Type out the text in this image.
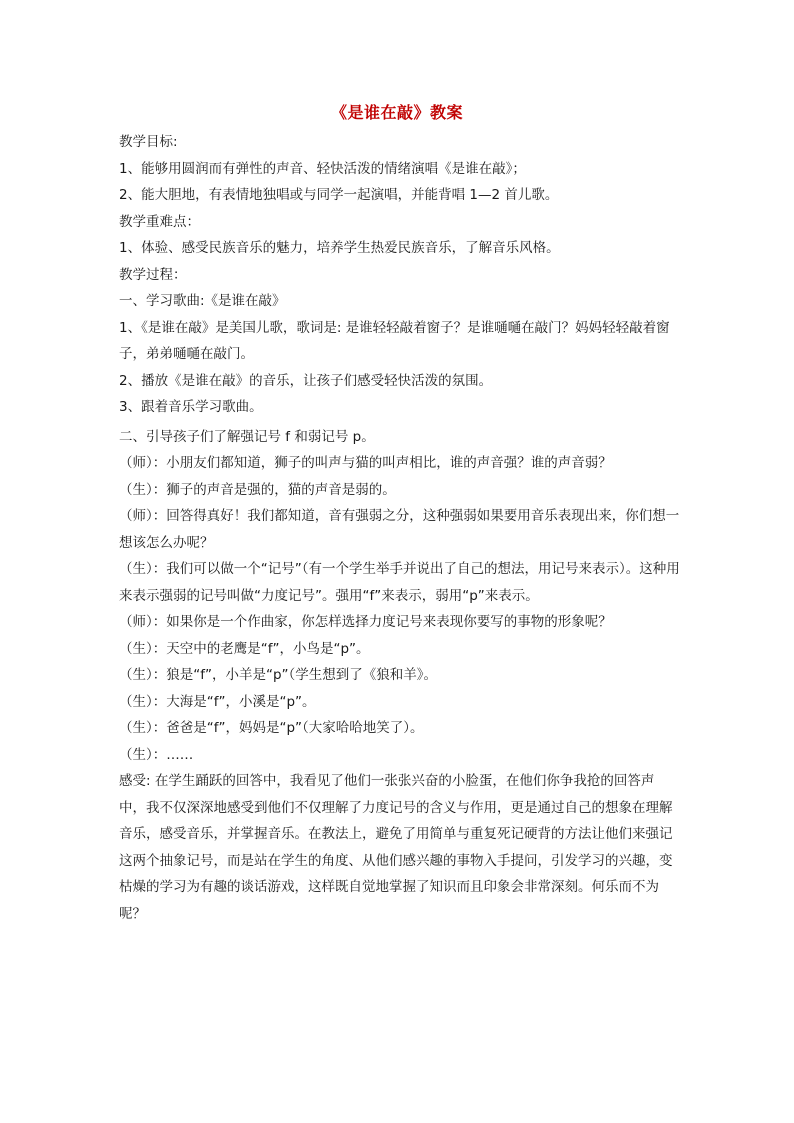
《是谁在敲》教案

教学目标:

1、能够用圆润而有弹性的声音、轻快活泼的情绪演唱《是谁在敲》；

2、能大胆地，有表情地独唱或与同学一起演唱，并能背唱 1—2 首儿歌。

教学重难点：

1、体验、感受民族音乐的魅力，培养学生热爱民族音乐，了解音乐风格。

教学过程：

一、学习歌曲:《是谁在敲》

1、《是谁在敲》是美国儿歌，歌词是: 是谁轻轻敲着窗子？是谁嗵嗵在敲门？妈妈轻轻敲着窗子，弟弟嗵嗵在敲门。

2、播放《是谁在敲》的音乐，让孩子们感受轻快活泼的氛围。

3、跟着音乐学习歌曲。

二、引导孩子们了解强记号 f 和弱记号 p。

（师）：小朋友们都知道，狮子的叫声与猫的叫声相比，谁的声音强？谁的声音弱？

（生）：狮子的声音是强的，猫的声音是弱的。

（师）：回答得真好！我们都知道，音有强弱之分，这种强弱如果要用音乐表现出来，你们想一想该怎么办呢？

（生）：我们可以做一个“记号”（有一个学生举手并说出了自己的想法，用记号来表示）。这种用来表示强弱的记号叫做“力度记号”。强用“f”来表示，弱用“p”来表示。

（师）：如果你是一个作曲家，你怎样选择力度记号来表现你要写的事物的形象呢？

（生）：天空中的老鹰是“f”，小鸟是“p”。

（生）：狼是“f”，小羊是“p”（学生想到了《狼和羊》。

（生）：大海是“f”，小溪是“p”。

（生）：爸爸是“f”，妈妈是“p”（大家哈哈地笑了）。

（生）：……

感受: 在学生踊跃的回答中，我看见了他们一张张兴奋的小脸蛋，在他们你争我抢的回答声中，我不仅深深地感受到他们不仅理解了力度记号的含义与作用，更是通过自己的想象在理解音乐，感受音乐，并掌握音乐。在教法上，避免了用简单与重复死记硬背的方法让他们来强记这两个抽象记号，而是站在学生的角度、从他们感兴趣的事物入手提问，引发学习的兴趣，变枯燥的学习为有趣的谈话游戏，这样既自觉地掌握了知识而且印象会非常深刻。何乐而不为呢？
